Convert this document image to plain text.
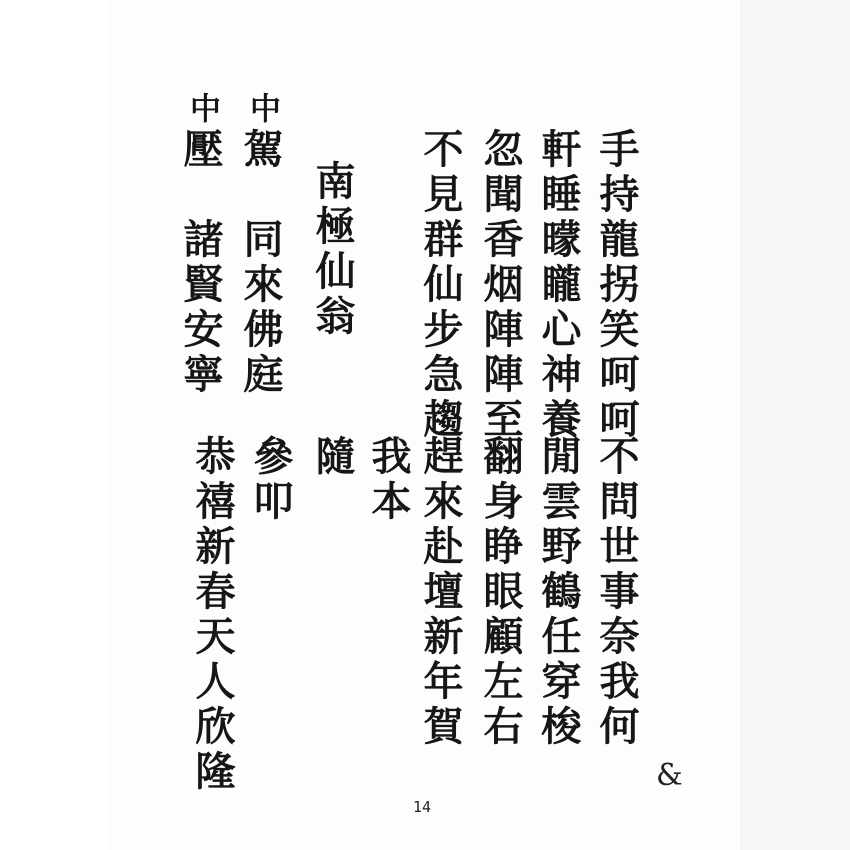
手持龍拐笑呵呵
軒睡曚矓心神養
忽聞香烟陣陣至
不見群仙步急趨
南極仙翁
中
駕　同來佛庭
中
壓　諸賢安寧
不問世事奈我何
閒雲野鶴任穿梭
翻身睁眼顧左右
趕來赴壇新年賀
我本
隨
參叩
恭禧新春天人欣隆
14
&
